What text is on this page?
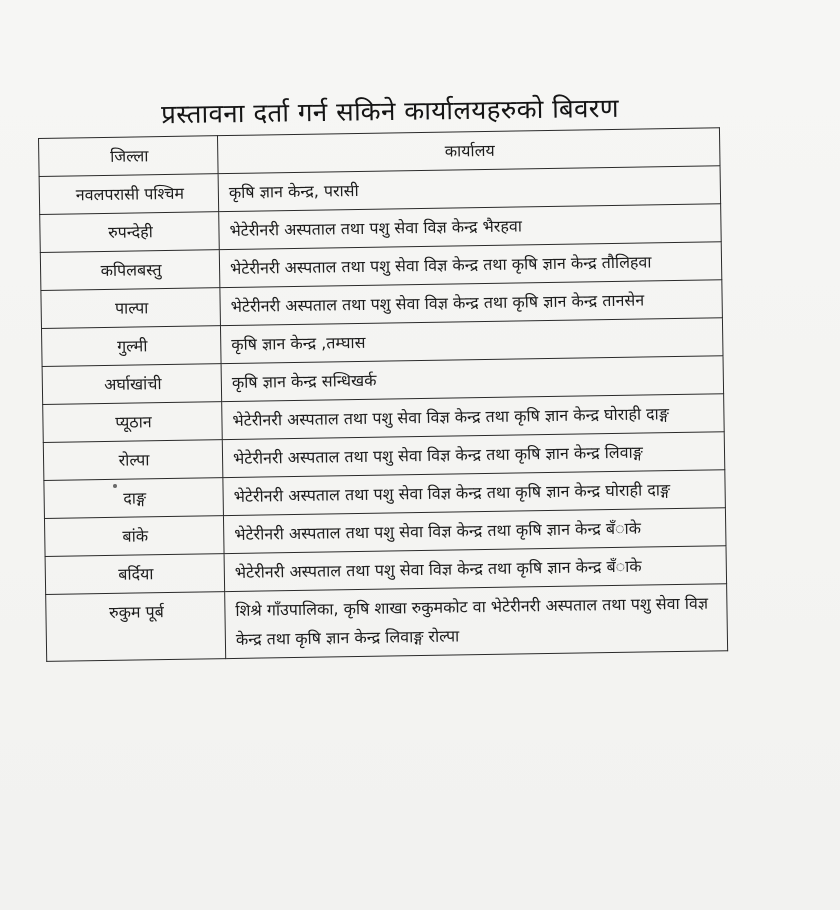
प्रस्तावना दर्ता गर्न सकिने कार्यालयहरुको बिवरण
जिल्ला	कार्यालय
नवलपरासी पश्चिम	कृषि ज्ञान केन्द्र, परासी
रुपन्देही	भेटेरीनरी अस्पताल तथा पशु सेवा विज्ञ केन्द्र भैरहवा
कपिलबस्तु	भेटेरीनरी अस्पताल तथा पशु सेवा विज्ञ केन्द्र तथा कृषि ज्ञान केन्द्र तौलिहवा
पाल्पा	भेटेरीनरी अस्पताल तथा पशु सेवा विज्ञ केन्द्र तथा कृषि ज्ञान केन्द्र तानसेन
गुल्मी	कृषि ज्ञान केन्द्र ,तम्घास
अर्घाखांची	कृषि ज्ञान केन्द्र सन्धिखर्क
प्यूठान	भेटेरीनरी अस्पताल तथा पशु सेवा विज्ञ केन्द्र तथा कृषि ज्ञान केन्द्र घोराही दाङ्ग
रोल्पा	भेटेरीनरी अस्पताल तथा पशु सेवा विज्ञ केन्द्र तथा कृषि ज्ञान केन्द्र लिवाङ्ग
दाङ्ग	भेटेरीनरी अस्पताल तथा पशु सेवा विज्ञ केन्द्र तथा कृषि ज्ञान केन्द्र घोराही दाङ्ग
बांके	भेटेरीनरी अस्पताल तथा पशु सेवा विज्ञ केन्द्र तथा कृषि ज्ञान केन्द्र बँाके
बर्दिया	भेटेरीनरी अस्पताल तथा पशु सेवा विज्ञ केन्द्र तथा कृषि ज्ञान केन्द्र बँाके
रुकुम पूर्ब	शिश्रे गाँउपालिका, कृषि शाखा रुकुमकोट वा भेटेरीनरी अस्पताल तथा पशु सेवा विज्ञ केन्द्र तथा कृषि ज्ञान केन्द्र लिवाङ्ग रोल्पा
